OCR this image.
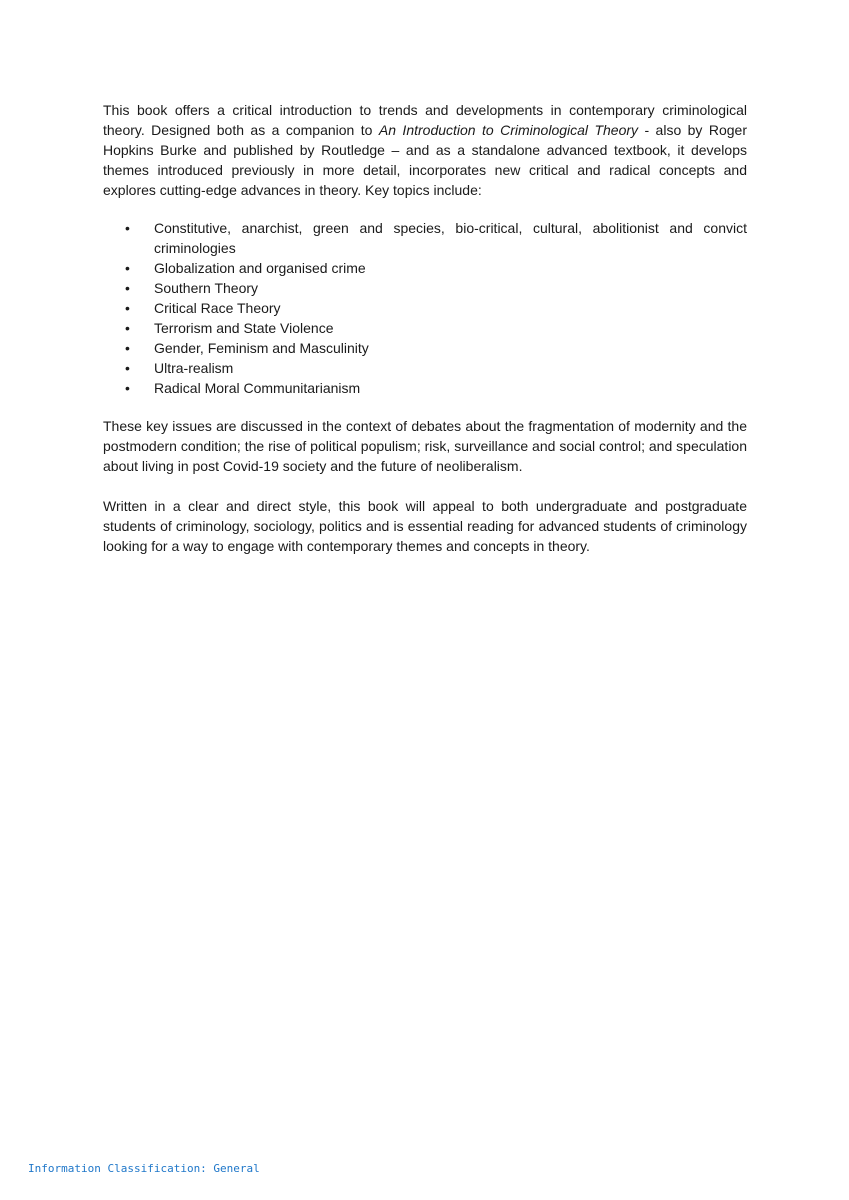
This book offers a critical introduction to trends and developments in contemporary criminological theory. Designed both as a companion to An Introduction to Criminological Theory - also by Roger Hopkins Burke and published by Routledge – and as a standalone advanced textbook, it develops themes introduced previously in more detail, incorporates new critical and radical concepts and explores cutting-edge advances in theory. Key topics include:

• Constitutive, anarchist, green and species, bio-critical, cultural, abolitionist and convict criminologies
• Globalization and organised crime
• Southern Theory
• Critical Race Theory
• Terrorism and State Violence
• Gender, Feminism and Masculinity
• Ultra-realism
• Radical Moral Communitarianism

These key issues are discussed in the context of debates about the fragmentation of modernity and the postmodern condition; the rise of political populism; risk, surveillance and social control; and speculation about living in post Covid-19 society and the future of neoliberalism.

Written in a clear and direct style, this book will appeal to both undergraduate and postgraduate students of criminology, sociology, politics and is essential reading for advanced students of criminology looking for a way to engage with contemporary themes and concepts in theory.

Information Classification: General
